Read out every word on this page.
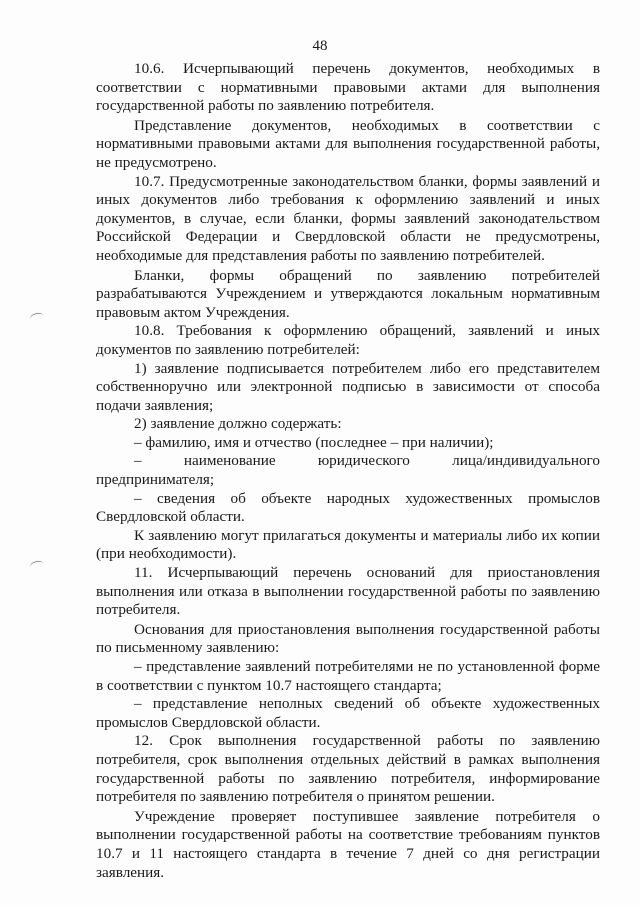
48

10.6. Исчерпывающий перечень документов, необходимых в соответствии с нормативными правовыми актами для выполнения государственной работы по заявлению потребителя.

Представление документов, необходимых в соответствии с нормативными правовыми актами для выполнения государственной работы, не предусмотрено.

10.7. Предусмотренные законодательством бланки, формы заявлений и иных документов либо требования к оформлению заявлений и иных документов, в случае, если бланки, формы заявлений законодательством Российской Федерации и Свердловской области не предусмотрены, необходимые для представления работы по заявлению потребителей.

Бланки, формы обращений по заявлению потребителей разрабатываются Учреждением и утверждаются локальным нормативным правовым актом Учреждения.

10.8. Требования к оформлению обращений, заявлений и иных документов по заявлению потребителей:

1) заявление подписывается потребителем либо его представителем собственноручно или электронной подписью в зависимости от способа подачи заявления;

2) заявление должно содержать:

– фамилию, имя и отчество (последнее – при наличии);

– наименование юридического лица/индивидуального предпринимателя;

– сведения об объекте народных художественных промыслов Свердловской области.

К заявлению могут прилагаться документы и материалы либо их копии (при необходимости).

11. Исчерпывающий перечень оснований для приостановления выполнения или отказа в выполнении государственной работы по заявлению потребителя.

Основания для приостановления выполнения государственной работы по письменному заявлению:

– представление заявлений потребителями не по установленной форме в соответствии с пунктом 10.7 настоящего стандарта;

– представление неполных сведений об объекте художественных промыслов Свердловской области.

12. Срок выполнения государственной работы по заявлению потребителя, срок выполнения отдельных действий в рамках выполнения государственной работы по заявлению потребителя, информирование потребителя по заявлению потребителя о принятом решении.

Учреждение проверяет поступившее заявление потребителя о выполнении государственной работы на соответствие требованиям пунктов 10.7 и 11 настоящего стандарта в течение 7 дней со дня регистрации заявления.
